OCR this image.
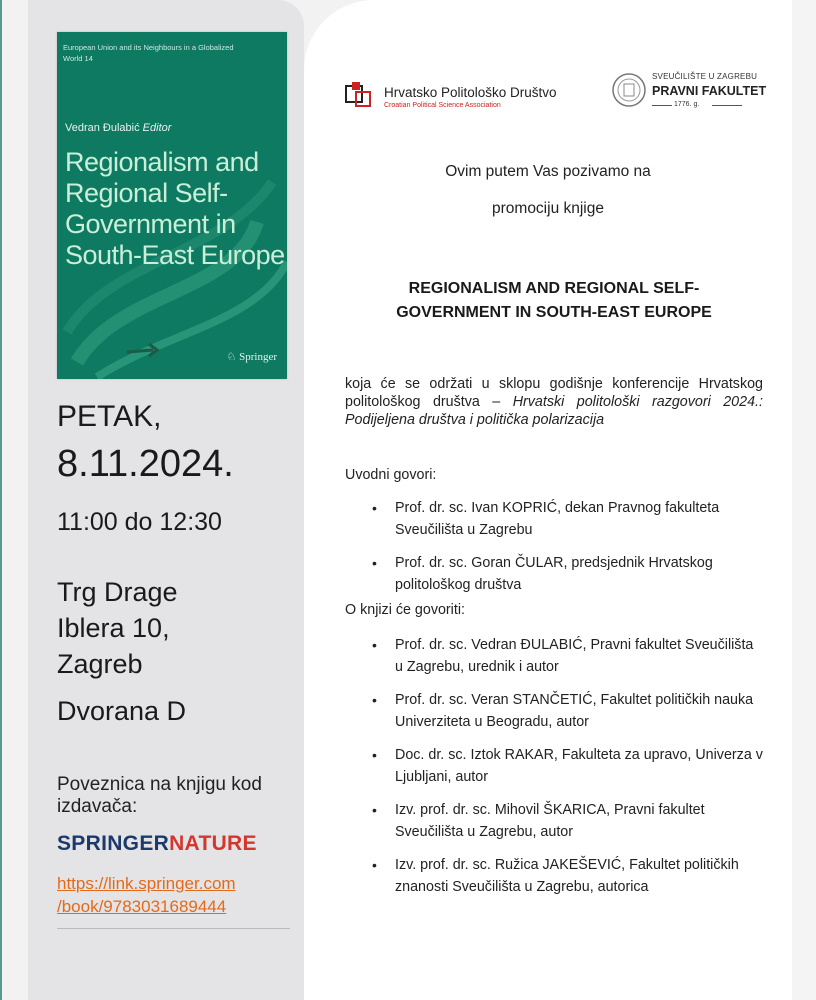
European Union and its Neighbours in a Globalized World 14
Vedran Đulabić Editor
Regionalism and Regional Self-Government in South-East Europe
♘ Springer
PETAK,
8.11.2024.
11:00 do 12:30
Trg Drage
Iblera 10,
Zagreb
Dvorana D
Poveznica na knjigu kod izdavača:
SPRINGERNATURE
https://link.springer.com
/book/9783031689444
Hrvatsko Politološko Društvo
Croatian Political Science Association
SVEUČILIŠTE U ZAGREBU
PRAVNI FAKULTET
1776. g.
Ovim putem Vas pozivamo na
promociju knjige
REGIONALISM AND REGIONAL SELF-GOVERNMENT IN SOUTH-EAST EUROPE
koja će se održati u sklopu godišnje konferencije Hrvatskog politološkog društva – Hrvatski politološki razgovori 2024.: Podijeljena društva i politička polarizacija
Uvodni govori:
• Prof. dr. sc. Ivan KOPRIĆ, dekan Pravnog fakulteta Sveučilišta u Zagrebu
• Prof. dr. sc. Goran ČULAR, predsjednik Hrvatskog politološkog društva
O knjizi će govoriti:
• Prof. dr. sc. Vedran ĐULABIĆ, Pravni fakultet Sveučilišta u Zagrebu, urednik i autor
• Prof. dr. sc. Veran STANČETIĆ, Fakultet političkih nauka Univerziteta u Beogradu, autor
• Doc. dr. sc. Iztok RAKAR, Fakulteta za upravo, Univerza v Ljubljani, autor
• Izv. prof. dr. sc. Mihovil ŠKARICA, Pravni fakultet Sveučilišta u Zagrebu, autor
• Izv. prof. dr. sc. Ružica JAKEŠEVIĆ, Fakultet političkih znanosti Sveučilišta u Zagrebu, autorica
